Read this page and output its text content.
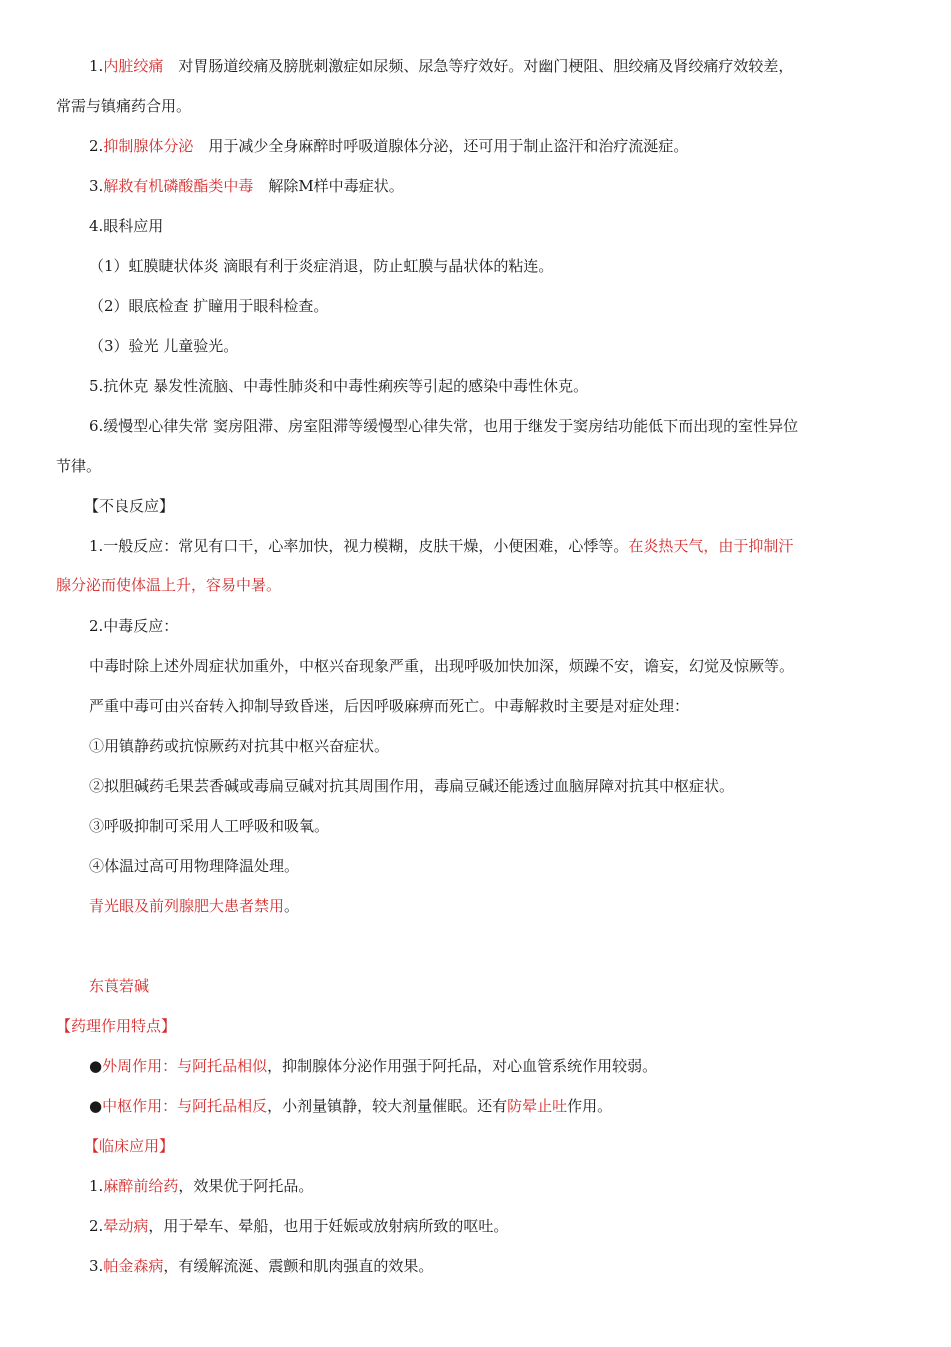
1.内脏绞痛　对胃肠道绞痛及膀胱刺激症如尿频、尿急等疗效好。对幽门梗阻、胆绞痛及肾绞痛疗效较差，
常需与镇痛药合用。
2.抑制腺体分泌　用于减少全身麻醉时呼吸道腺体分泌，还可用于制止盗汗和治疗流涎症。
3.解救有机磷酸酯类中毒　解除M样中毒症状。
4.眼科应用
（1）虹膜睫状体炎 滴眼有利于炎症消退，防止虹膜与晶状体的粘连。
（2）眼底检查 扩瞳用于眼科检查。
（3）验光 儿童验光。
5.抗休克 暴发性流脑、中毒性肺炎和中毒性痢疾等引起的感染中毒性休克。
6.缓慢型心律失常 窦房阻滞、房室阻滞等缓慢型心律失常，也用于继发于窦房结功能低下而出现的室性异位
节律。
【不良反应】
1.一般反应：常见有口干，心率加快，视力模糊，皮肤干燥，小便困难，心悸等。在炎热天气，由于抑制汗
腺分泌而使体温上升，容易中暑。
2.中毒反应：
中毒时除上述外周症状加重外，中枢兴奋现象严重，出现呼吸加快加深，烦躁不安，谵妄，幻觉及惊厥等。
严重中毒可由兴奋转入抑制导致昏迷，后因呼吸麻痹而死亡。中毒解救时主要是对症处理：
①用镇静药或抗惊厥药对抗其中枢兴奋症状。
②拟胆碱药毛果芸香碱或毒扁豆碱对抗其周围作用，毒扁豆碱还能透过血脑屏障对抗其中枢症状。
③呼吸抑制可采用人工呼吸和吸氧。
④体温过高可用物理降温处理。
青光眼及前列腺肥大患者禁用。
东莨菪碱
【药理作用特点】
●外周作用：与阿托品相似，抑制腺体分泌作用强于阿托品，对心血管系统作用较弱。
●中枢作用：与阿托品相反，小剂量镇静，较大剂量催眠。还有防晕止吐作用。
【临床应用】
1.麻醉前给药，效果优于阿托品。
2.晕动病，用于晕车、晕船，也用于妊娠或放射病所致的呕吐。
3.帕金森病，有缓解流涎、震颤和肌肉强直的效果。
